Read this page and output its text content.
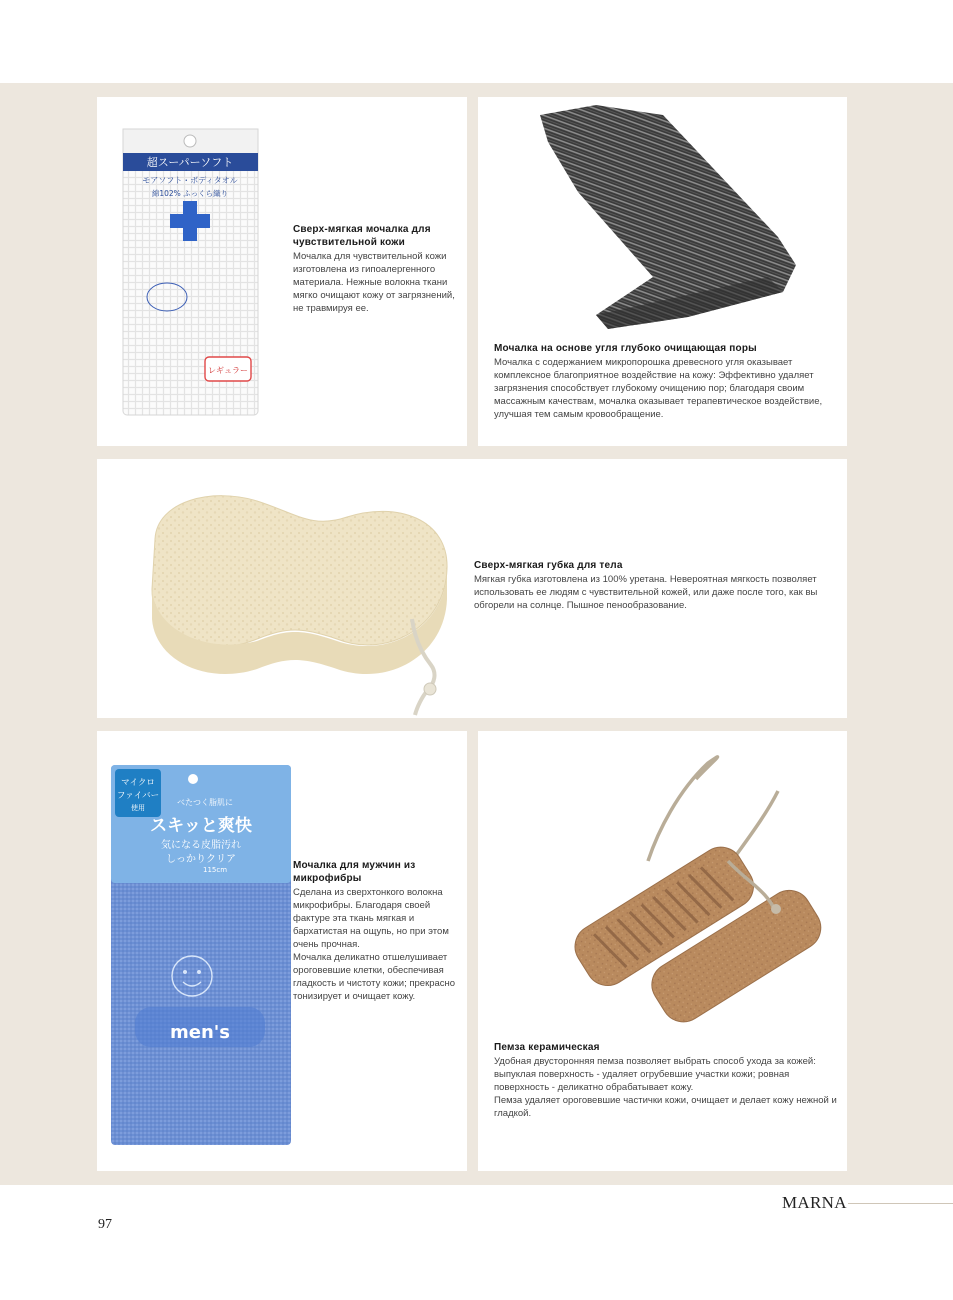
超スーパーソフト
モアソフト・ボディタオル
綿102% ふっくら織り
レギュラー
Сверх-мягкая мочалка для чувствительной кожи
Мочалка для чувствительной кожи изготовлена из гипоалергенного материала. Нежные волокна ткани мягко очищают кожу от загрязнений, не травмируя ее.
Мочалка на основе угля глубоко очищающая поры
Мочалка с содержанием микропорошка древесного угля оказывает комплексное благоприятное воздействие на кожу: Эффективно удаляет загрязнения способствует глубокому очищению пор; благодаря своим массажным качествам, мочалка оказывает терапевтическое воздействие, улучшая тем самым кровообращение.
Сверх-мягкая губка для тела
Мягкая губка изготовлена из 100% уретана. Невероятная мягкость позволяет использовать ее людям с чувствительной кожей, или даже после того, как вы обгорели на солнце. Пышное пенообразование.
マイクロ
ファイバー
使用
べたつく脂肌に
スキッと爽快
気になる皮脂汚れ
しっかりクリア
115cm
men's
Мочалка для мужчин из микрофибры
Сделана из сверхтонкого волокна микрофибры. Благодаря своей фактуре эта ткань мягкая и бархатистая на ощупь, но при этом очень прочная.
Мочалка деликатно отшелушивает ороговевшие клетки, обеспечивая гладкость и чистоту кожи; прекрасно тонизирует и очищает кожу.
Пемза керамическая
Удобная двусторонняя пемза позволяет выбрать способ ухода за кожей: выпуклая поверхность - удаляет огрубевшие участки кожи; ровная поверхность - деликатно обрабатывает кожу.
Пемза удаляет ороговевшие частички кожи, очищает и делает кожу нежной и гладкой.
MARNA
97
